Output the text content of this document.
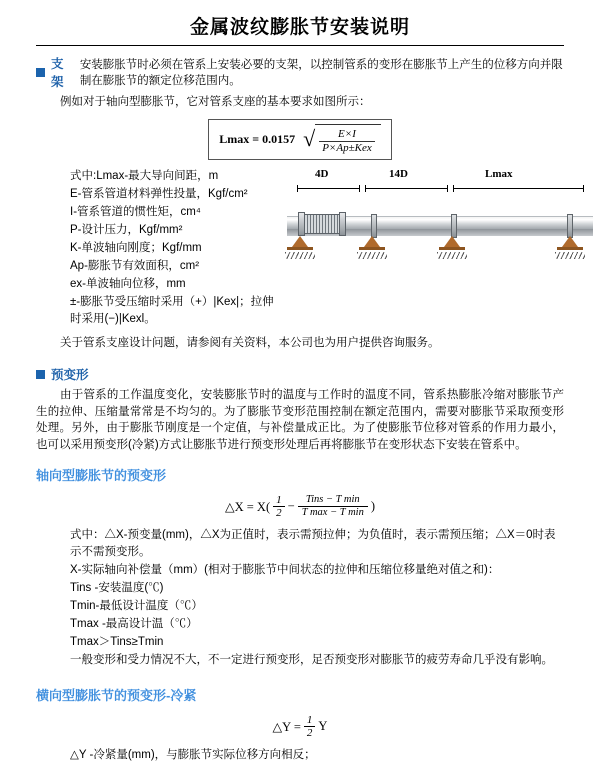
金属波纹膨胀节安装说明
支架
安装膨胀节时必须在管系上安装必要的支架，以控制管系的变形在膨胀节上产生的位移方向并限制在膨胀节的额定位移范围内。

例如对于轴向型膨胀节，它对管系支座的基本要求如图所示：

Lmax = 0.0157 √ $\frac{E\times I}{\text{P×Ap±Kex}}$
式中:Lmax-最大导向间距，m
E-管系管道材料弹性投量，Kgf/cm²
I-管系管道的惯性矩，cm⁴
P-设计压力，Kgf/mm²
K-单波轴向刚度；Kgf/mm
Ap-膨胀节有效面积，cm²
ex-单波轴向位移，mm
±-膨胀节受压缩时采用（+）|Kex|；拉伸时采用(−)|Kexl。
4D	14D	Lmax

关于管系支座设计问题，请参阅有关资料，本公司也为用户提供咨询服务。

预变形

由于管系的工作温度变化，安装膨胀节时的温度与工作时的温度不同，管系热膨胀冷缩对膨胀节产生的拉伸、压缩量常常是不均匀的。为了膨胀节变形范围控制在额定范围内，需要对膨胀节采取预变形处理。另外，由于膨胀节刚度是一个定值，与补偿量成正比。为了使膨胀节位移对管系的作用力最小，也可以采用预变形(冷紧)方式让膨胀节进行预变形处理后再将膨胀节在变形状态下安装在管系中。

轴向型膨胀节的预变形
△X = $X( \frac{1}{2} - \frac{\text{Tins − T min}}{\text{T max − T min}}$ )
式中：△X-预变量(mm)，△X为正值时，表示需预拉伸；为负值时，表示需预压缩；△X＝0时表示不需预变形。
X-实际轴向补偿量（mm）(相对于膨胀节中间状态的拉伸和压缩位移量绝对值之和)：
Tins -安装温度(℃)
Tmin-最低设计温度（℃）
Tmax -最高设计温（℃）
Tmax＞Tins≥Tmin
一般变形和受力情况不大，不一定进行预变形，足否预变形对膨胀节的疲劳寿命几乎没有影响。
横向型膨胀节的预变形-冷紧
△Y = $\frac{1}{2}$ Y
△Y -冷紧量(mm)，与膨胀节实际位移方向相反；
